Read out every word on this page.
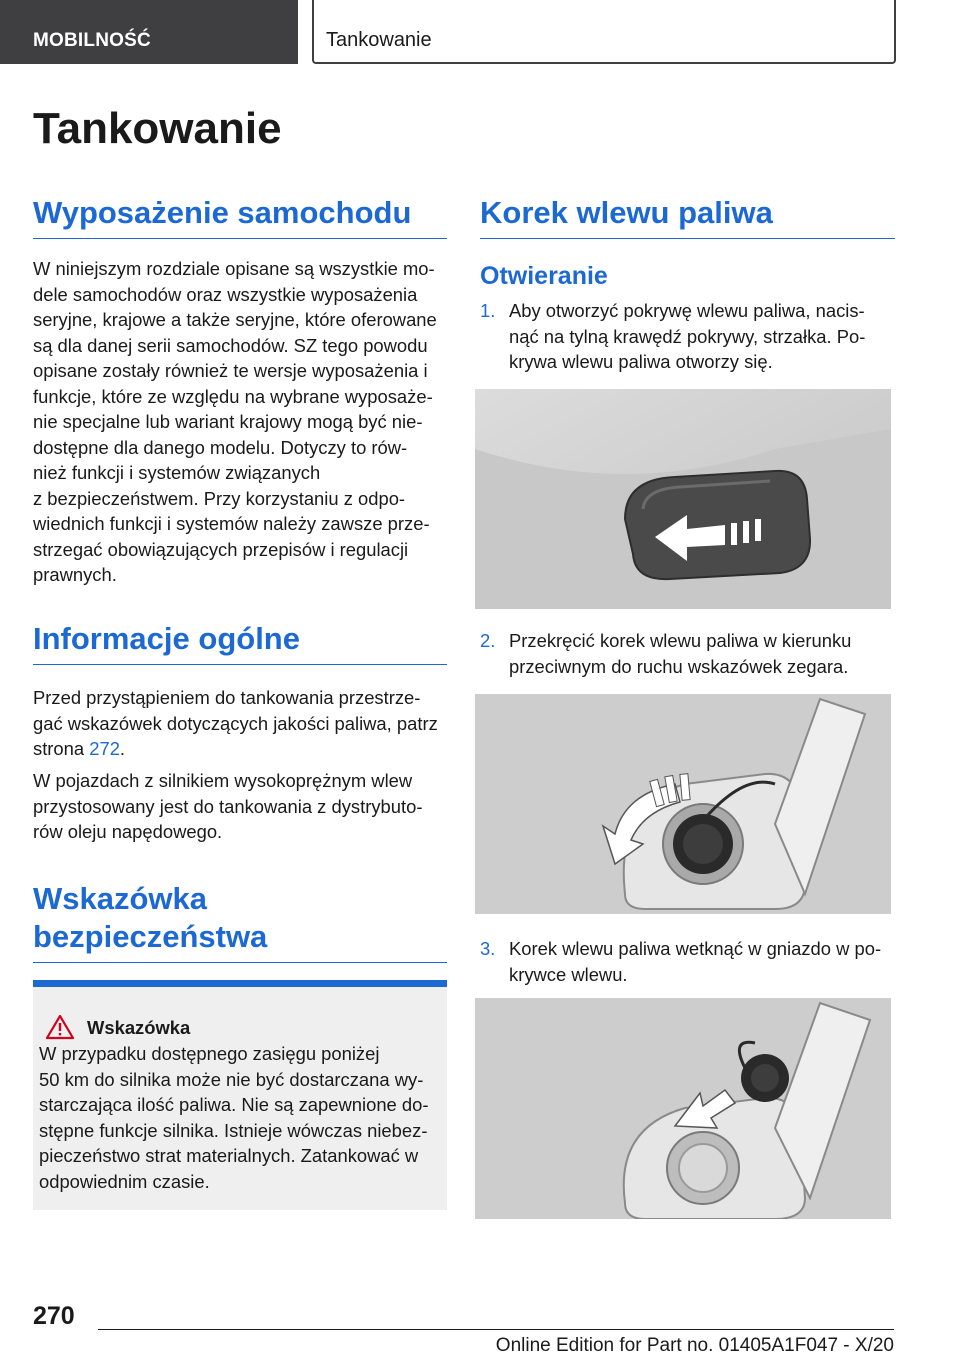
MOBILNOŚĆ	Tankowanie
Tankowanie
Wyposażenie samochodu
W niniejszym rozdziale opisane są wszystkie mo‐
dele samochodów oraz wszystkie wyposażenia
seryjne, krajowe a także seryjne, które oferowane
są dla danej serii samochodów. SZ tego powodu
opisane zostały również te wersje wyposażenia i
funkcje, które ze względu na wybrane wyposaże‐
nie specjalne lub wariant krajowy mogą być nie‐
dostępne dla danego modelu. Dotyczy to rów‐
nież funkcji i systemów związanych
z bezpieczeństwem. Przy korzystaniu z odpo‐
wiednich funkcji i systemów należy zawsze prze‐
strzegać obowiązujących przepisów i regulacji
prawnych.
Informacje ogólne
Przed przystąpieniem do tankowania przestrze‐
gać wskazówek dotyczących jakości paliwa, patrz
strona 272.
W pojazdach z silnikiem wysokoprężnym wlew
przystosowany jest do tankowania z dystrybuto‐
rów oleju napędowego.
Wskazówka
bezpieczeństwa
Wskazówka
W przypadku dostępnego zasięgu poniżej
50 km do silnika może nie być dostarczana wy‐
starczająca ilość paliwa. Nie są zapewnione do‐
stępne funkcje silnika. Istnieje wówczas niebez‐
pieczeństwo strat materialnych. Zatankować w
odpowiednim czasie.
Korek wlewu paliwa
Otwieranie
1. Aby otworzyć pokrywę wlewu paliwa, nacis‐
nąć na tylną krawędź pokrywy, strzałka. Po‐
krywa wlewu paliwa otworzy się.
2. Przekręcić korek wlewu paliwa w kierunku
przeciwnym do ruchu wskazówek zegara.
3. Korek wlewu paliwa wetknąć w gniazdo w po‐
krywce wlewu.
270
Online Edition for Part no. 01405A1F047 - X/20
